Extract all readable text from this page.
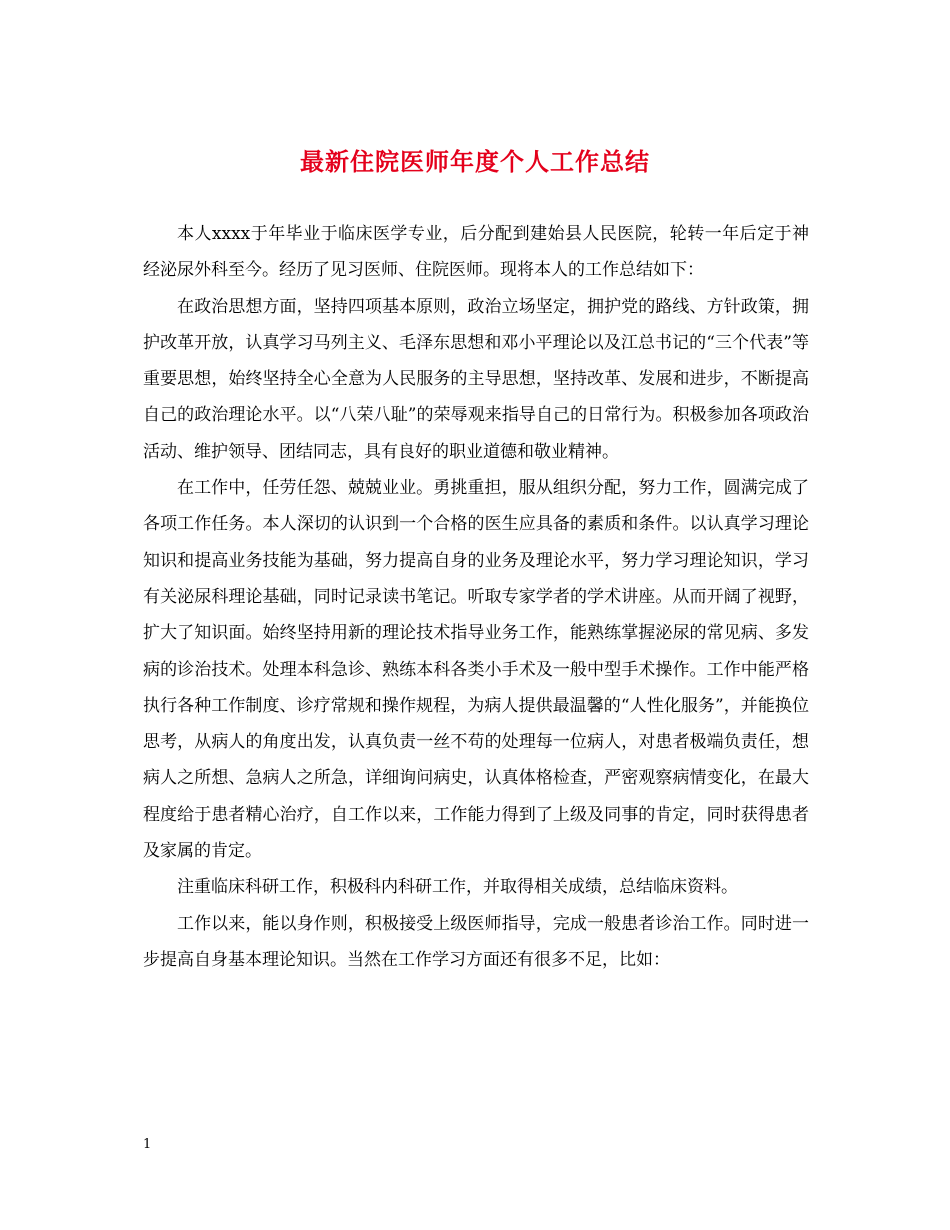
最新住院医师年度个人工作总结

本人xxxx于年毕业于临床医学专业，后分配到建始县人民医院，轮转一年后定于神经泌尿外科至今。经历了见习医师、住院医师。现将本人的工作总结如下：

在政治思想方面，坚持四项基本原则，政治立场坚定，拥护党的路线、方针政策，拥护改革开放，认真学习马列主义、毛泽东思想和邓小平理论以及江总书记的“三个代表”等重要思想，始终坚持全心全意为人民服务的主导思想，坚持改革、发展和进步，不断提高自己的政治理论水平。以“八荣八耻”的荣辱观来指导自己的日常行为。积极参加各项政治活动、维护领导、团结同志，具有良好的职业道德和敬业精神。

在工作中，任劳任怨、兢兢业业。勇挑重担，服从组织分配，努力工作，圆满完成了各项工作任务。本人深切的认识到一个合格的医生应具备的素质和条件。以认真学习理论知识和提高业务技能为基础，努力提高自身的业务及理论水平，努力学习理论知识，学习有关泌尿科理论基础，同时记录读书笔记。听取专家学者的学术讲座。从而开阔了视野，扩大了知识面。始终坚持用新的理论技术指导业务工作，能熟练掌握泌尿的常见病、多发病的诊治技术。处理本科急诊、熟练本科各类小手术及一般中型手术操作。工作中能严格执行各种工作制度、诊疗常规和操作规程，为病人提供最温馨的“人性化服务”，并能换位思考，从病人的角度出发，认真负责一丝不苟的处理每一位病人，对患者极端负责任，想病人之所想、急病人之所急，详细询问病史，认真体格检查，严密观察病情变化，在最大程度给于患者精心治疗，自工作以来，工作能力得到了上级及同事的肯定，同时获得患者及家属的肯定。

注重临床科研工作，积极科内科研工作，并取得相关成绩，总结临床资料。

工作以来，能以身作则，积极接受上级医师指导，完成一般患者诊治工作。同时进一步提高自身基本理论知识。当然在工作学习方面还有很多不足，比如：

1
